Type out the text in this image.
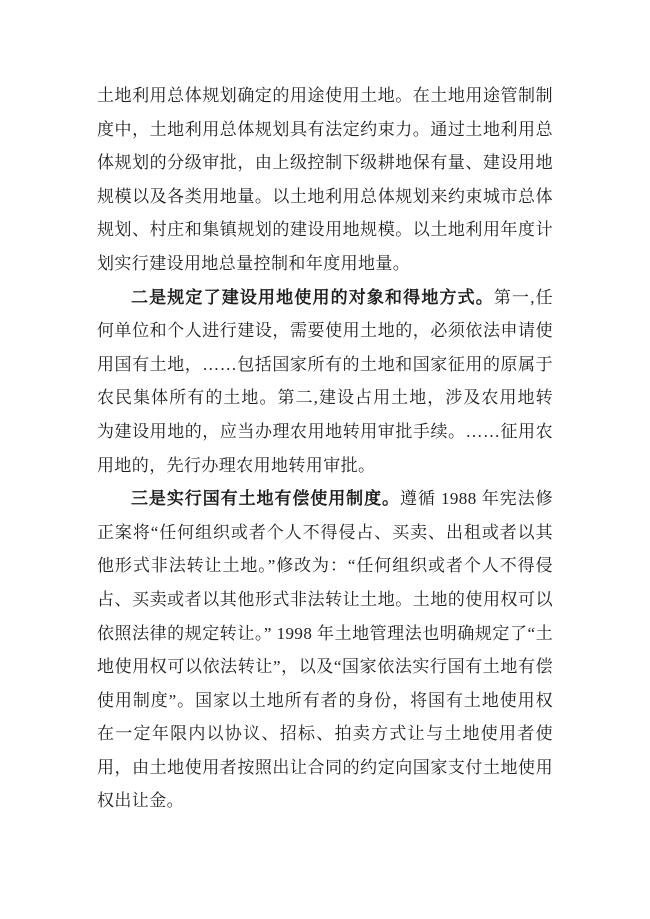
土地利用总体规划确定的用途使用土地。在土地用途管制制度中，土地利用总体规划具有法定约束力。通过土地利用总体规划的分级审批，由上级控制下级耕地保有量、建设用地规模以及各类用地量。以土地利用总体规划来约束城市总体规划、村庄和集镇规划的建设用地规模。以土地利用年度计划实行建设用地总量控制和年度用地量。

二是规定了建设用地使用的对象和得地方式。第一,任何单位和个人进行建设，需要使用土地的，必须依法申请使用国有土地，……包括国家所有的土地和国家征用的原属于农民集体所有的土地。第二,建设占用土地，涉及农用地转为建设用地的，应当办理农用地转用审批手续。……征用农用地的，先行办理农用地转用审批。

三是实行国有土地有偿使用制度。遵循 1988 年宪法修正案将“任何组织或者个人不得侵占、买卖、出租或者以其他形式非法转让土地。”修改为：“任何组织或者个人不得侵占、买卖或者以其他形式非法转让土地。土地的使用权可以依照法律的规定转让。” 1998 年土地管理法也明确规定了“土地使用权可以依法转让”，以及“国家依法实行国有土地有偿使用制度”。国家以土地所有者的身份，将国有土地使用权在一定年限内以协议、招标、拍卖方式让与土地使用者使用，由土地使用者按照出让合同的约定向国家支付土地使用权出让金。
